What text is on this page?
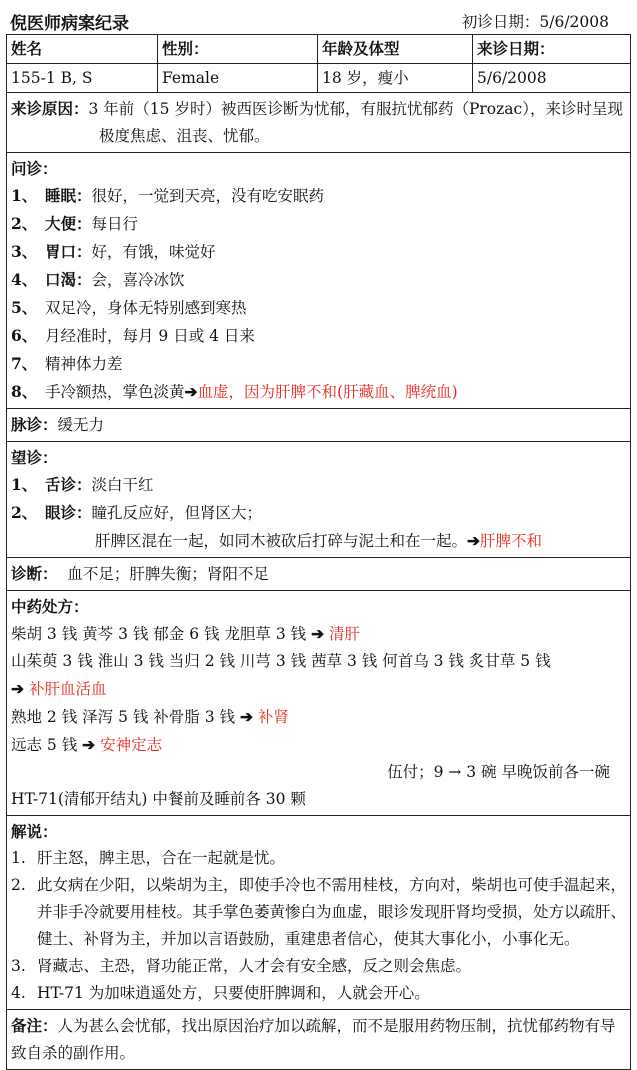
倪医师病案纪录	初诊日期：5/6/2008
姓名	性别：	年龄及体型	来诊日期：
155-1 B, S	Female	18 岁，瘦小	5/6/2008
来诊原因：3 年前（15 岁时）被西医诊断为忧郁，有服抗忧郁药（Prozac），来诊时呈现极度焦虑、沮丧、忧郁。
问诊：
1、 睡眠：很好，一觉到天亮，没有吃安眠药
2、 大便：每日行
3、 胃口：好，有饿，味觉好
4、 口渴：会，喜冷冰饮
5、 双足冷，身体无特别感到寒热
6、 月经准时，每月 9 日或 4 日来
7、 精神体力差
8、 手冷额热，掌色淡黄➔血虚，因为肝脾不和(肝藏血、脾统血)
脉诊：缓无力
望诊：
1、 舌诊：淡白干红
2、 眼诊：瞳孔反应好，但肾区大；
肝脾区混在一起，如同木被砍后打碎与泥土和在一起。➔肝脾不和
诊断： 血不足；肝脾失衡；肾阳不足
中药处方：
柴胡 3 钱 黄芩 3 钱 郁金 6 钱 龙胆草 3 钱 ➔ 清肝
山茱萸 3 钱 淮山 3 钱 当归 2 钱 川芎 3 钱 茜草 3 钱 何首乌 3 钱 炙甘草 5 钱
➔ 补肝血活血
熟地 2 钱 泽泻 5 钱 补骨脂 3 钱 ➔ 补肾
远志 5 钱 ➔ 安神定志
伍付；9 → 3 碗 早晚饭前各一碗
HT-71(清郁开结丸) 中餐前及睡前各 30 颗
解说：
1. 肝主怒，脾主思，合在一起就是忧。
2. 此女病在少阳，以柴胡为主，即使手冷也不需用桂枝，方向对，柴胡也可使手温起来，并非手冷就要用桂枝。其手掌色萎黄惨白为血虚，眼诊发现肝肾均受损，处方以疏肝、健土、补肾为主，并加以言语鼓励，重建患者信心，使其大事化小，小事化无。
3. 肾藏志、主恐，肾功能正常，人才会有安全感，反之则会焦虑。
4. HT-71 为加味逍遥处方，只要使肝脾调和，人就会开心。
备注：人为甚么会忧郁，找出原因治疗加以疏解，而不是服用药物压制，抗忧郁药物有导致自杀的副作用。
